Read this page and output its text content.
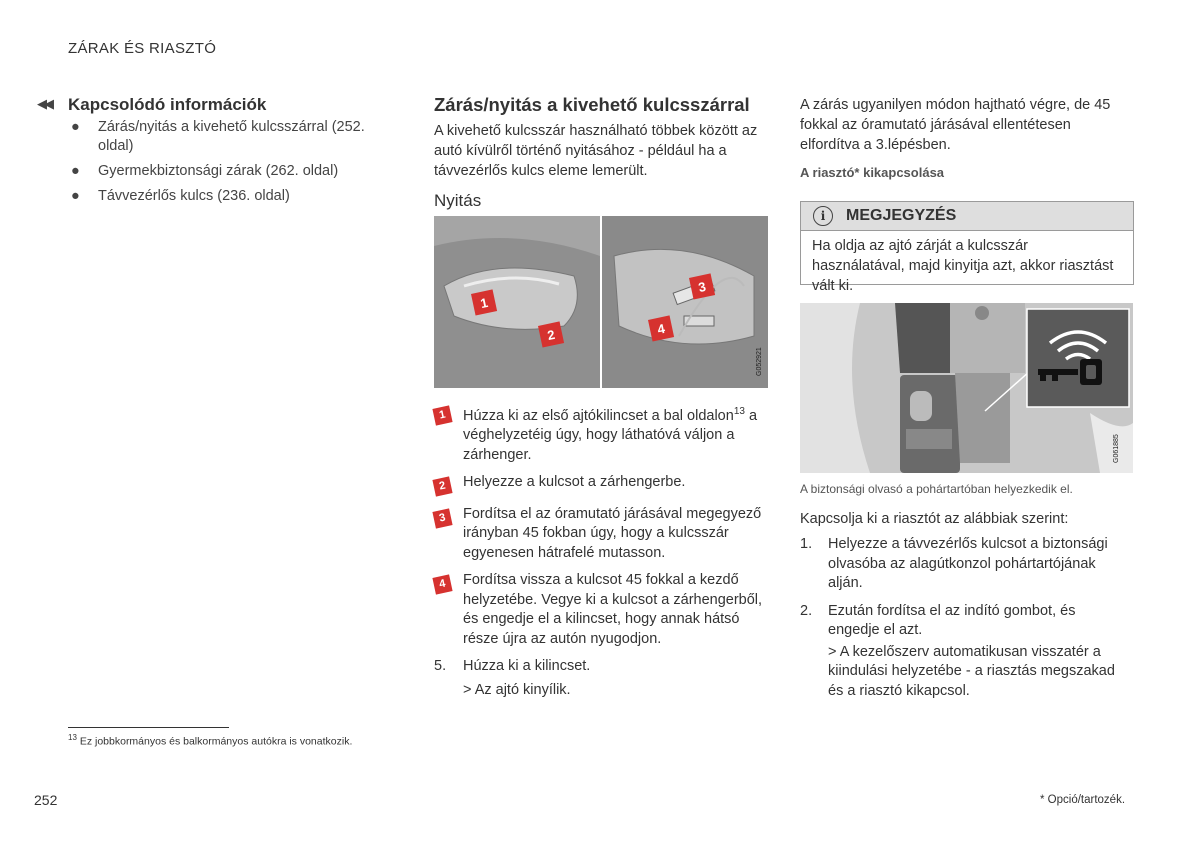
ZÁRAK ÉS RIASZTÓ
◀◀ Kapcsolódó információk
● Zárás/nyitás a kivehető kulcsszárral (252. oldal)
● Gyermekbiztonsági zárak (262. oldal)
● Távvezérlős kulcs (236. oldal)
Zárás/nyitás a kivehető kulcsszárral
A kivehető kulcsszár használható többek között az autó kívülről történő nyitásához - például ha a távvezérlős kulcs eleme lemerült.
Nyitás
1
2
3
4
G052921
1	Húzza ki az első ajtókilincset a bal oldalon$^{13}$ a véghelyzetéig úgy, hogy láthatóvá váljon a zárhenger.
2	Helyezze a kulcsot a zárhengerbe.
3	Fordítsa el az óramutató járásával megegyező irányban 45 fokban úgy, hogy a kulcsszár egyenesen hátrafelé mutasson.
4	Fordítsa vissza a kulcsot 45 fokkal a kezdő helyzetébe. Vegye ki a kulcsot a zárhengerből, és engedje el a kilincset, hogy annak hátsó része újra az autón nyugodjon.
5. Húzza ki a kilincset.
> Az ajtó kinyílik.
A zárás ugyanilyen módon hajtható végre, de 45 fokkal az óramutató járásával ellentétesen elfordítva a 3.lépésben.
A riasztó* kikapcsolása
i	MEGJEGYZÉS
Ha oldja az ajtó zárját a kulcsszár használatával, majd kinyitja azt, akkor riasztást vált ki.
G061885
A biztonsági olvasó a pohártartóban helyezkedik el.
Kapcsolja ki a riasztót az alábbiak szerint:
1. Helyezze a távvezérlős kulcsot a biztonsági olvasóba az alagútkonzol pohártartójának alján.
2. Ezután fordítsa el az indító gombot, és engedje el azt.
> A kezelőszerv automatikusan visszatér a kiindulási helyzetébe - a riasztás megszakad és a riasztó kikapcsol.
$^{13}$ Ez jobbkormányos és balkormányos autókra is vonatkozik.
252	* Opció/tartozék.
